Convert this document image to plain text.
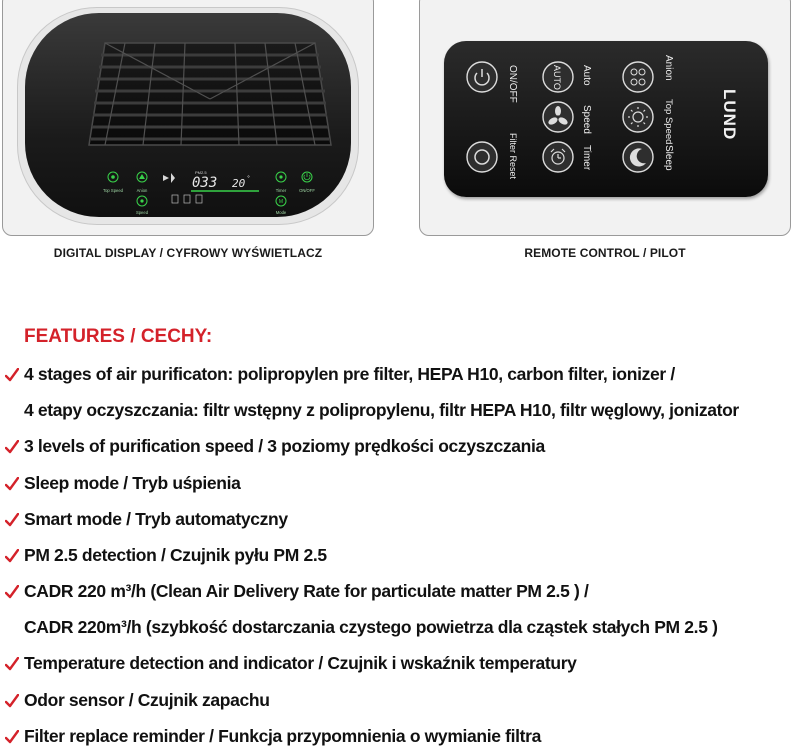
Top Speed	Anion
Speed
PM2.5
033 20 °
Timer	ON/OFF
M
Mode
DIGITAL DISPLAY / CYFROWY WYŚWIETLACZ
ON/OFF	AUTO Auto	Anion
Speed	Top Speed
Filter Reset	Timer	Sleep
LUND
REMOTE CONTROL / PILOT
FEATURES / CECHY:
4 stages of air purificaton: polipropylen pre filter, HEPA H10, carbon filter, ionizer /
4 etapy oczyszczania: filtr wstępny z polipropylenu, filtr HEPA H10, filtr węglowy, jonizator
3 levels of purification speed / 3 poziomy prędkości oczyszczania
Sleep mode / Tryb uśpienia
Smart mode / Tryb automatyczny
PM 2.5 detection / Czujnik pyłu PM 2.5
CADR 220 m³/h (Clean Air Delivery Rate for particulate matter PM 2.5 ) /
CADR 220m³/h (szybkość dostarczania czystego powietrza dla cząstek stałych PM 2.5 )
Temperature detection and indicator / Czujnik i wskaźnik temperatury
Odor sensor / Czujnik zapachu
Filter replace reminder / Funkcja przypomnienia o wymianie filtra
